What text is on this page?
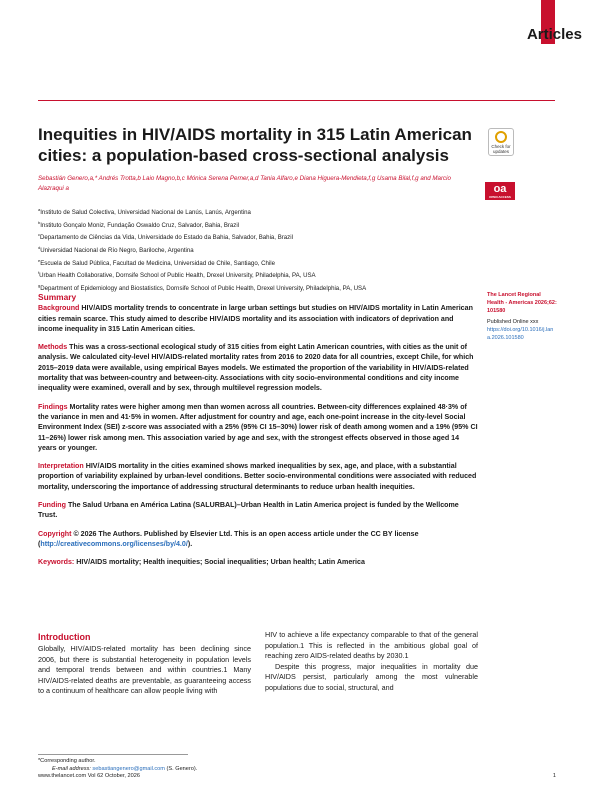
Articles
Inequities in HIV/AIDS mortality in 315 Latin American cities: a population-based cross-sectional analysis	Check for
updates
oa
OPEN ACCESS
Sebastián Genero,a,* Andrés Trotta,b Laio Magno,b,c Mónica Serena Perner,a,d Tania Alfaro,e Diana Higuera-Mendieta,f,g Usama Bilal,f,g and Marcio Alazraqui a
$^a$Instituto de Salud Colectiva, Universidad Nacional de Lanús, Lanús, Argentina
$^b$Instituto Gonçalo Moniz, Fundação Oswaldo Cruz, Salvador, Bahia, Brazil
$^c$Departamento de Ciências da Vida, Universidade do Estado da Bahia, Salvador, Bahia, Brazil
$^d$Universidad Nacional de Río Negro, Bariloche, Argentina
$^e$Escuela de Salud Pública, Facultad de Medicina, Universidad de Chile, Santiago, Chile
$^f$Urban Health Collaborative, Dornsife School of Public Health, Drexel University, Philadelphia, PA, USA
$^g$Department of Epidemiology and Biostatistics, Dornsife School of Public Health, Drexel University, Philadelphia, PA, USA
The Lancet Regional Health - Americas 2026;62: 101580
Published Online xxx
https://doi.org/10.1016/j.lana.2026.101580
Summary

Background HIV/AIDS mortality trends to concentrate in large urban settings but studies on HIV/AIDS mortality in Latin American cities remain scarce. This study aimed to describe HIV/AIDS mortality and its association with indicators of deprivation and income inequality in 315 Latin American cities.

Methods This was a cross-sectional ecological study of 315 cities from eight Latin American countries, with cities as the unit of analysis. We calculated city-level HIV/AIDS-related mortality rates from 2016 to 2020 data for all countries, except Chile, for which 2015–2019 data were available, using empirical Bayes models. We estimated the proportion of the variability in HIV/AIDS-related mortality that was between-country and between-city. Associations with city socio-environmental conditions and city income inequality were examined, overall and by sex, through multilevel regression models.

Findings Mortality rates were higher among men than women across all countries. Between-city differences explained 48·3% of the variance in men and 41·5% in women. After adjustment for country and age, each one-point increase in the city-level Social Environment Index (SEI) z-score was associated with a 25% (95% CI 15–30%) lower risk of death among women and a 19% (95% CI 11–26%) lower risk among men. This association varied by age and sex, with the strongest effects observed in those aged 14 years or younger.

Interpretation HIV/AIDS mortality in the cities examined shows marked inequalities by sex, age, and place, with a substantial proportion of variability explained by urban-level conditions. Better socio-environmental conditions were associated with reduced mortality, underscoring the importance of addressing structural determinants to reduce urban health inequities.

Funding The Salud Urbana en América Latina (SALURBAL)–Urban Health in Latin America project is funded by the Wellcome Trust.

Copyright © 2026 The Authors. Published by Elsevier Ltd. This is an open access article under the CC BY license (http://creativecommons.org/licenses/by/4.0/).

Keywords: HIV/AIDS mortality; Health inequities; Social inequalities; Urban health; Latin America

Introduction
Globally, HIV/AIDS-related mortality has been declining since 2006, but there is substantial heterogeneity in population levels and temporal trends between and within countries.1 Many HIV/AIDS-related deaths are preventable, as guaranteeing access to a continuum of healthcare can allow people living with

HIV to achieve a life expectancy comparable to that of the general population.1 This is reflected in the ambitious global goal of reaching zero AIDS-related deaths by 2030.1

Despite this progress, major inequalities in mortality due HIV/AIDS persist, particularly among the most vulnerable populations due to social, structural, and

*Corresponding author.
E-mail address: sebastiangenero@gmail.com (S. Genero).
www.thelancet.com Vol 62 October, 2026	1
